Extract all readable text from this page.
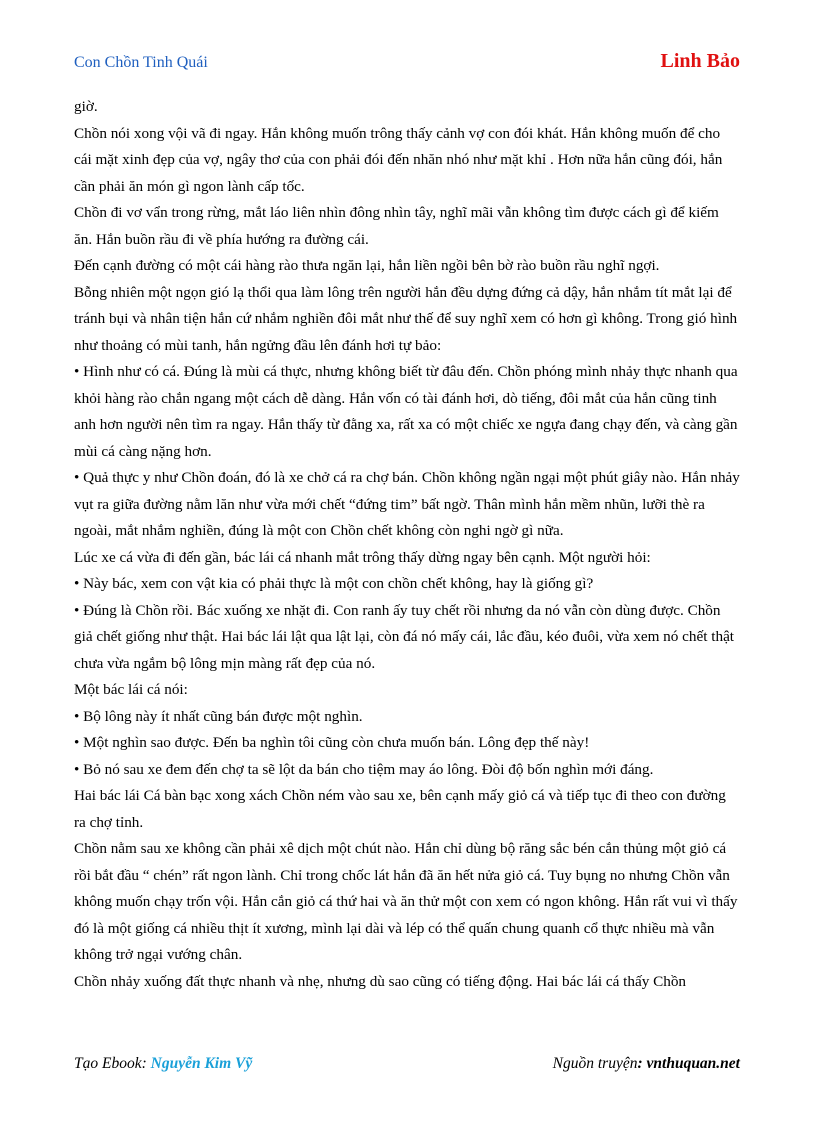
Con Chồn Tinh Quái	Linh Bảo

giờ.

Chồn nói xong vội vã đi ngay. Hắn không muốn trông thấy cảnh vợ con đói khát. Hắn không muốn để cho cái mặt xinh đẹp của vợ, ngây thơ của con phải đói đến nhăn nhó như mặt khỉ . Hơn nữa hắn cũng đói, hắn cần phải ăn món gì ngon lành cấp tốc.

Chồn đi vơ vẩn trong rừng, mắt láo liên nhìn đông nhìn tây, nghĩ mãi vẫn không tìm được cách gì để kiếm ăn. Hắn buồn rầu đi về phía hướng ra đường cái.

Đến cạnh đường có một cái hàng rào thưa ngăn lại, hắn liền ngồi bên bờ rào buồn rầu nghĩ ngợi.

Bỗng nhiên một ngọn gió lạ thổi qua làm lông trên người hắn đều dựng đứng cả dậy, hắn nhắm tít mắt lại để tránh bụi và nhân tiện hắn cứ nhắm nghiền đôi mắt như thế để suy nghĩ xem có hơn gì không. Trong gió hình như thoảng có mùi tanh, hắn ngửng đầu lên đánh hơi tự bảo:

• Hình như có cá. Đúng là mùi cá thực, nhưng không biết từ đâu đến. Chồn phóng mình nhảy thực nhanh qua khỏi hàng rào chắn ngang một cách dễ dàng. Hắn vốn có tài đánh hơi, dò tiếng, đôi mắt của hắn cũng tinh anh hơn người nên tìm ra ngay. Hắn thấy từ đằng xa, rất xa có một chiếc xe ngựa đang chạy đến, và càng gần mùi cá càng nặng hơn.

• Quả thực y như Chồn đoán, đó là xe chở cá ra chợ bán. Chồn không ngần ngại một phút giây nào. Hắn nhảy vụt ra giữa đường nằm lăn như vừa mới chết “đứng tim” bất ngờ. Thân mình hắn mềm nhũn, lưỡi thè ra ngoài, mắt nhắm nghiền, đúng là một con Chồn chết không còn nghi ngờ gì nữa.

Lúc xe cá vừa đi đến gần, bác lái cá nhanh mắt trông thấy dừng ngay bên cạnh. Một người hỏi:

• Này bác, xem con vật kia có phải thực là một con chồn chết không, hay là giống gì?

• Đúng là Chồn rồi. Bác xuống xe nhặt đi. Con ranh ấy tuy chết rồi nhưng da nó vẫn còn dùng được. Chồn giả chết giống như thật. Hai bác lái lật qua lật lại, còn đá nó mấy cái, lắc đầu, kéo đuôi, vừa xem nó chết thật chưa vừa ngắm bộ lông mịn màng rất đẹp của nó.

Một bác lái cá nói:

• Bộ lông này ít nhất cũng bán được một nghìn.

• Một nghìn sao được. Đến ba nghìn tôi cũng còn chưa muốn bán. Lông đẹp thế này!

• Bỏ nó sau xe đem đến chợ ta sẽ lột da bán cho tiệm may áo lông. Đòi độ bốn nghìn mới đáng.

Hai bác lái Cá bàn bạc xong xách Chồn ném vào sau xe, bên cạnh mấy giỏ cá và tiếp tục đi theo con đường ra chợ tỉnh.

Chồn nằm sau xe không cần phải xê dịch một chút nào. Hắn chỉ dùng bộ răng sắc bén cắn thủng một giỏ cá rồi bắt đầu “ chén” rất ngon lành. Chỉ trong chốc lát hắn đã ăn hết nửa giỏ cá. Tuy bụng no nhưng Chồn vẫn không muốn chạy trốn vội. Hắn cắn giỏ cá thứ hai và ăn thử một con xem có ngon không. Hắn rất vui vì thấy đó là một giống cá nhiều thịt ít xương, mình lại dài và lép có thể quấn chung quanh cổ thực nhiều mà vẫn không trở ngại vướng chân.

Chồn nhảy xuống đất thực nhanh và nhẹ, nhưng dù sao cũng có tiếng động. Hai bác lái cá thấy Chồn

Tạo Ebook: Nguyễn Kim Vỹ	Nguồn truyện: vnthuquan.net
